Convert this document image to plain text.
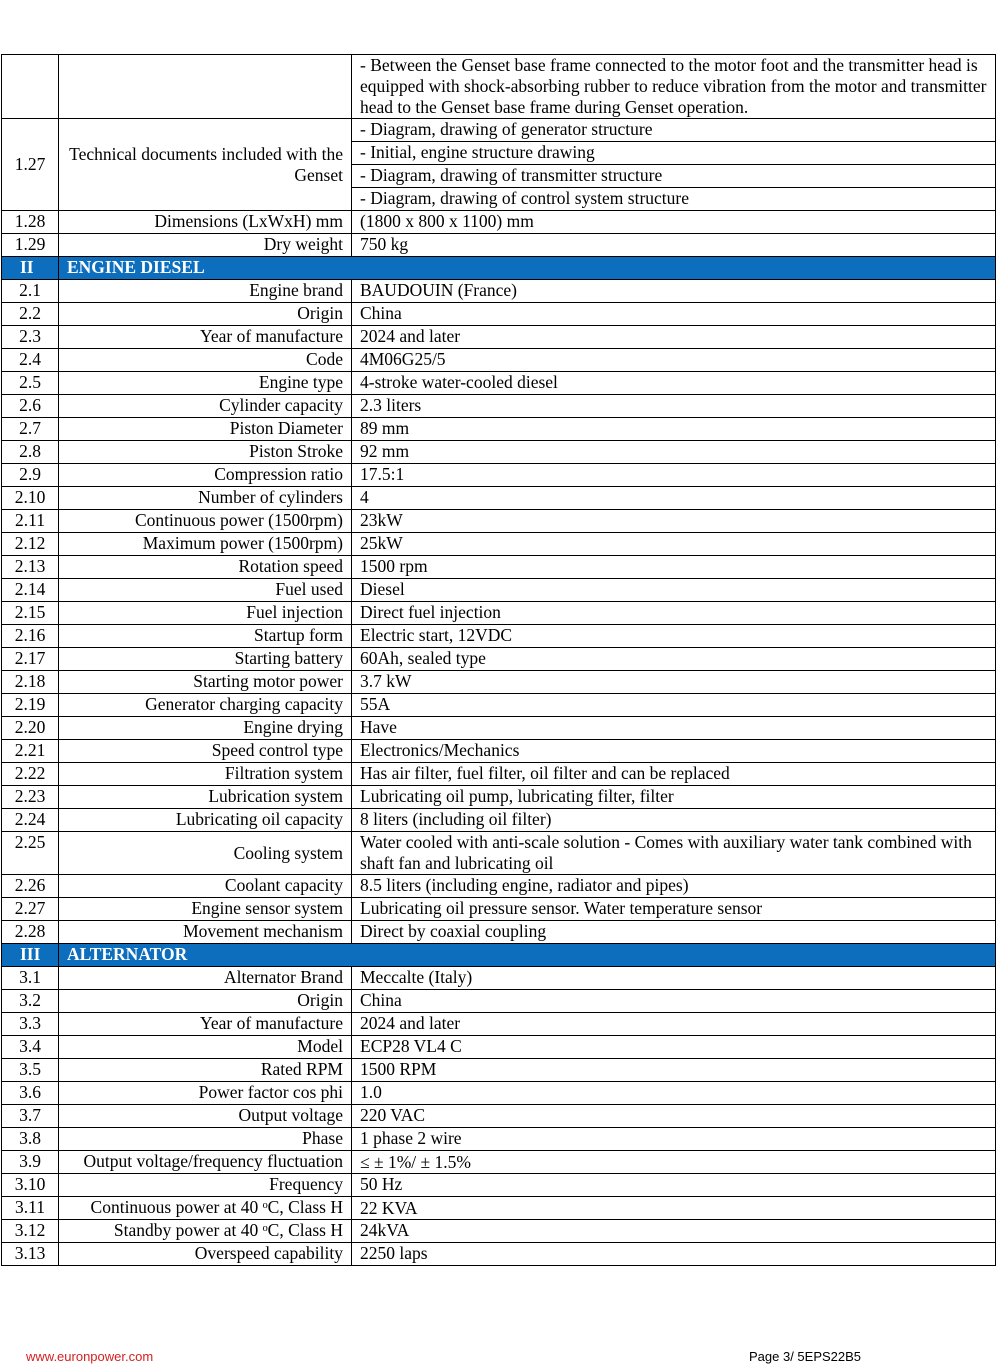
		- Between the Genset base frame connected to the motor foot and the transmitter head is equipped with shock-absorbing rubber to reduce vibration from the motor and transmitter head to the Genset base frame during Genset operation.
1.27	Technical documents included with the Genset	- Diagram, drawing of generator structure
		- Initial, engine structure drawing
		- Diagram, drawing of transmitter structure
		- Diagram, drawing of control system structure
1.28	Dimensions (LxWxH) mm	(1800 x 800 x 1100) mm
1.29	Dry weight	750 kg
II	ENGINE DIESEL	
2.1	Engine brand	BAUDOUIN (France)
2.2	Origin	China
2.3	Year of manufacture	2024 and later
2.4	Code	4M06G25/5
2.5	Engine type	4-stroke water-cooled diesel
2.6	Cylinder capacity	2.3 liters
2.7	Piston Diameter	89 mm
2.8	Piston Stroke	92 mm
2.9	Compression ratio	17.5:1
2.10	Number of cylinders	4
2.11	Continuous power (1500rpm)	23kW
2.12	Maximum power (1500rpm)	25kW
2.13	Rotation speed	1500 rpm
2.14	Fuel used	Diesel
2.15	Fuel injection	Direct fuel injection
2.16	Startup form	Electric start, 12VDC
2.17	Starting battery	60Ah, sealed type
2.18	Starting motor power	3.7 kW
2.19	Generator charging capacity	55A
2.20	Engine drying	Have
2.21	Speed control type	Electronics/Mechanics
2.22	Filtration system	Has air filter, fuel filter, oil filter and can be replaced
2.23	Lubrication system	Lubricating oil pump, lubricating filter, filter
2.24	Lubricating oil capacity	8 liters (including oil filter)
2.25	Cooling system	Water cooled with anti-scale solution - Comes with auxiliary water tank combined with shaft fan and lubricating oil
2.26	Coolant capacity	8.5 liters (including engine, radiator and pipes)
2.27	Engine sensor system	Lubricating oil pressure sensor. Water temperature sensor
2.28	Movement mechanism	Direct by coaxial coupling
III	ALTERNATOR	
3.1	Alternator Brand	Meccalte (Italy)
3.2	Origin	China
3.3	Year of manufacture	2024 and later
3.4	Model	ECP28 VL4 C
3.5	Rated RPM	1500 RPM
3.6	Power factor cos phi	1.0
3.7	Output voltage	220 VAC
3.8	Phase	1 phase 2 wire
3.9	Output voltage/frequency fluctuation	≤ ± 1%/ ± 1.5%
3.10	Frequency	50 Hz
3.11	Continuous power at 40 ᵒC, Class H	22 KVA
3.12	Standby power at 40 ᵒC, Class H	24kVA
3.13	Overspeed capability	2250 laps
www.euronpower.com	Page 3/ 5EPS22B5
